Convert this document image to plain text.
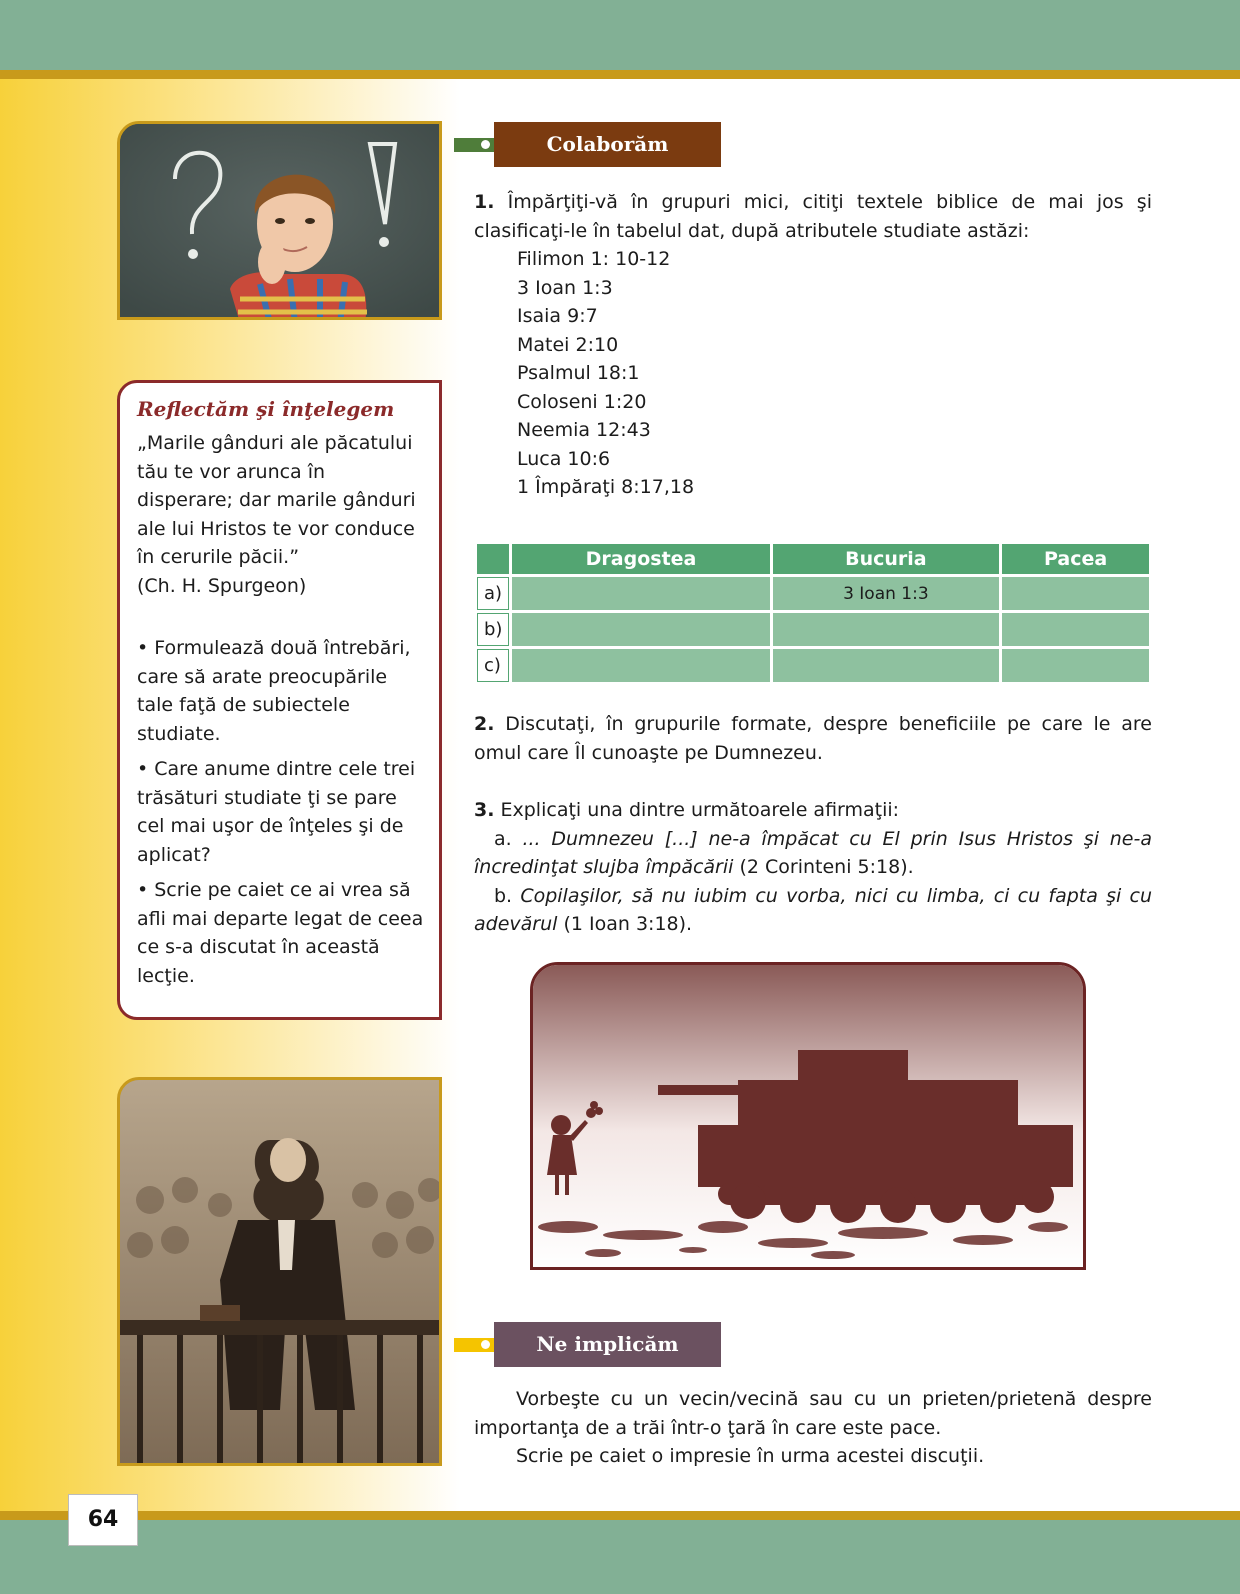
64

Reflectăm şi înţelegem

„Marile gânduri ale păcatului tău te vor arunca în disperare; dar marile gânduri ale lui Hristos te vor conduce în cerurile păcii.”

(Ch. H. Spurgeon)

• Formulează două întrebări, care să arate preocupările tale faţă de subiectele studiate.

• Care anume dintre cele trei trăsături studiate ţi se pare cel mai uşor de înţeles şi de aplicat?

• Scrie pe caiet ce ai vrea să afli mai departe legat de ceea ce s-a discutat în această lecţie.

Colaborăm

1. Împărţiţi-vă în grupuri mici, citiţi textele biblice de mai jos şi clasificaţi-le în tabelul dat, după atributele studiate astăzi:

Filimon 1: 10-12
3 Ioan 1:3
Isaia 9:7
Matei 2:10
Psalmul 18:1
Coloseni 1:20
Neemia 12:43
Luca 10:6
1 Împăraţi 8:17,18
	Dragostea	Bucuria	Pacea
a)		3 Ioan 1:3	
b)			
c)			

2. Discutaţi, în grupurile formate, despre beneficiile pe care le are omul care Îl cunoaşte pe Dumnezeu.

3. Explicaţi una dintre următoarele afirmaţii:

a. ... Dumnezeu [...] ne-a împăcat cu El prin Isus Hristos şi ne-a încredinţat slujba împăcării (2 Corinteni 5:18).

b. Copilaşilor, să nu iubim cu vorba, nici cu limba, ci cu fapta şi cu adevărul (1 Ioan 3:18).

Ne implicăm

Vorbeşte cu un vecin/vecină sau cu un prieten/prietenă despre importanţa de a trăi într-o ţară în care este pace.

Scrie pe caiet o impresie în urma acestei discuţii.
